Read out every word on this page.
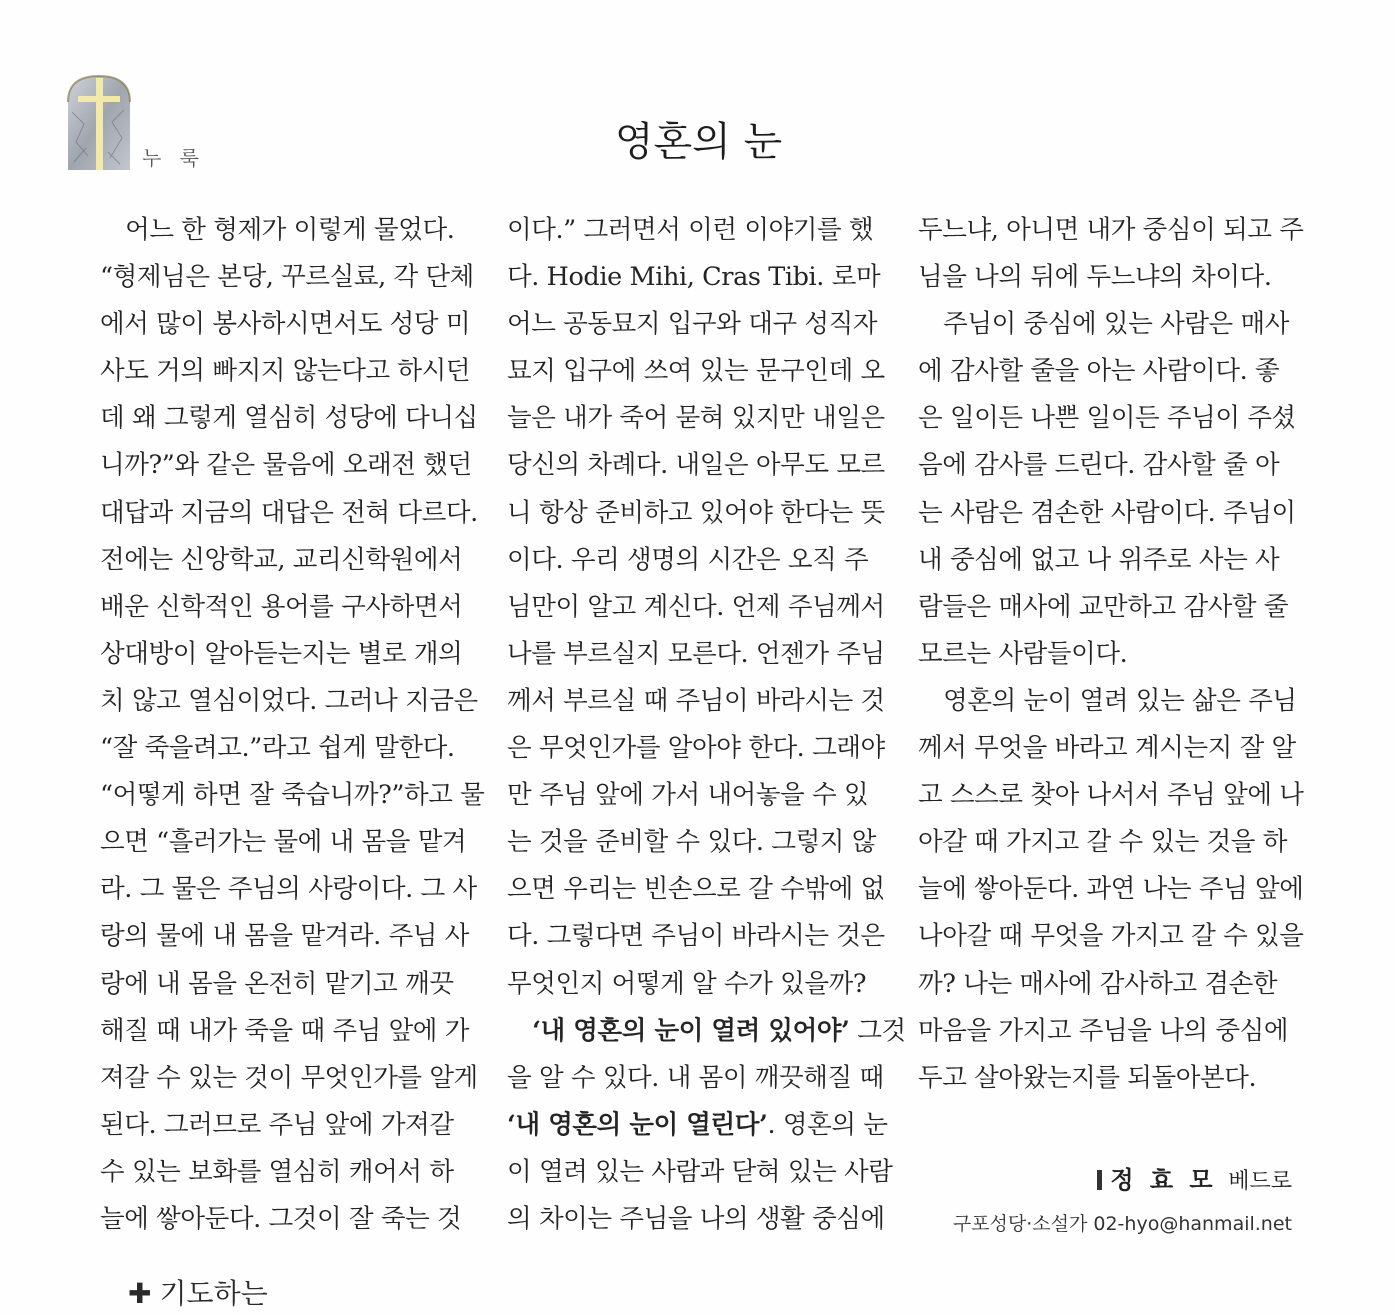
누 룩	영혼의 눈
　어느 한 형제가 이렇게 물었다.
“형제님은 본당, 꾸르실료, 각 단체
에서 많이 봉사하시면서도 성당 미
사도 거의 빠지지 않는다고 하시던
데 왜 그렇게 열심히 성당에 다니십
니까?”와 같은 물음에 오래전 했던
대답과 지금의 대답은 전혀 다르다.
전에는 신앙학교, 교리신학원에서
배운 신학적인 용어를 구사하면서
상대방이 알아듣는지는 별로 개의
치 않고 열심이었다. 그러나 지금은
“잘 죽을려고.”라고 쉽게 말한다.
“어떻게 하면 잘 죽습니까?”하고 물
으면 “흘러가는 물에 내 몸을 맡겨
라. 그 물은 주님의 사랑이다. 그 사
랑의 물에 내 몸을 맡겨라. 주님 사
랑에 내 몸을 온전히 맡기고 깨끗
해질 때 내가 죽을 때 주님 앞에 가
져갈 수 있는 것이 무엇인가를 알게
된다. 그러므로 주님 앞에 가져갈
수 있는 보화를 열심히 캐어서 하
늘에 쌓아둔다. 그것이 잘 죽는 것
이다.” 그러면서 이런 이야기를 했
다. Hodie Mihi, Cras Tibi. 로마
어느 공동묘지 입구와 대구 성직자
묘지 입구에 쓰여 있는 문구인데 오
늘은 내가 죽어 묻혀 있지만 내일은
당신의 차례다. 내일은 아무도 모르
니 항상 준비하고 있어야 한다는 뜻
이다. 우리 생명의 시간은 오직 주
님만이 알고 계신다. 언제 주님께서
나를 부르실지 모른다. 언젠가 주님
께서 부르실 때 주님이 바라시는 것
은 무엇인가를 알아야 한다. 그래야
만 주님 앞에 가서 내어놓을 수 있
는 것을 준비할 수 있다. 그렇지 않
으면 우리는 빈손으로 갈 수밖에 없
다. 그렇다면 주님이 바라시는 것은
무엇인지 어떻게 알 수가 있을까?
　‘내 영혼의 눈이 열려 있어야’ 그것
을 알 수 있다. 내 몸이 깨끗해질 때
‘내 영혼의 눈이 열린다’. 영혼의 눈
이 열려 있는 사람과 닫혀 있는 사람
의 차이는 주님을 나의 생활 중심에
두느냐, 아니면 내가 중심이 되고 주
님을 나의 뒤에 두느냐의 차이다.
　주님이 중심에 있는 사람은 매사
에 감사할 줄을 아는 사람이다. 좋
은 일이든 나쁜 일이든 주님이 주셨
음에 감사를 드린다. 감사할 줄 아
는 사람은 겸손한 사람이다. 주님이
내 중심에 없고 나 위주로 사는 사
람들은 매사에 교만하고 감사할 줄
모르는 사람들이다.
　영혼의 눈이 열려 있는 삶은 주님
께서 무엇을 바라고 계시는지 잘 알
고 스스로 찾아 나서서 주님 앞에 나
아갈 때 가지고 갈 수 있는 것을 하
늘에 쌓아둔다. 과연 나는 주님 앞에
나아갈 때 무엇을 가지고 갈 수 있을
까? 나는 매사에 감사하고 겸손한
마음을 가지고 주님을 나의 중심에
두고 살아왔는지를 되돌아본다.
정 효 모 베드로
구포성당·소설가 02-hyo@hanmail.net
✚ 기도하는
